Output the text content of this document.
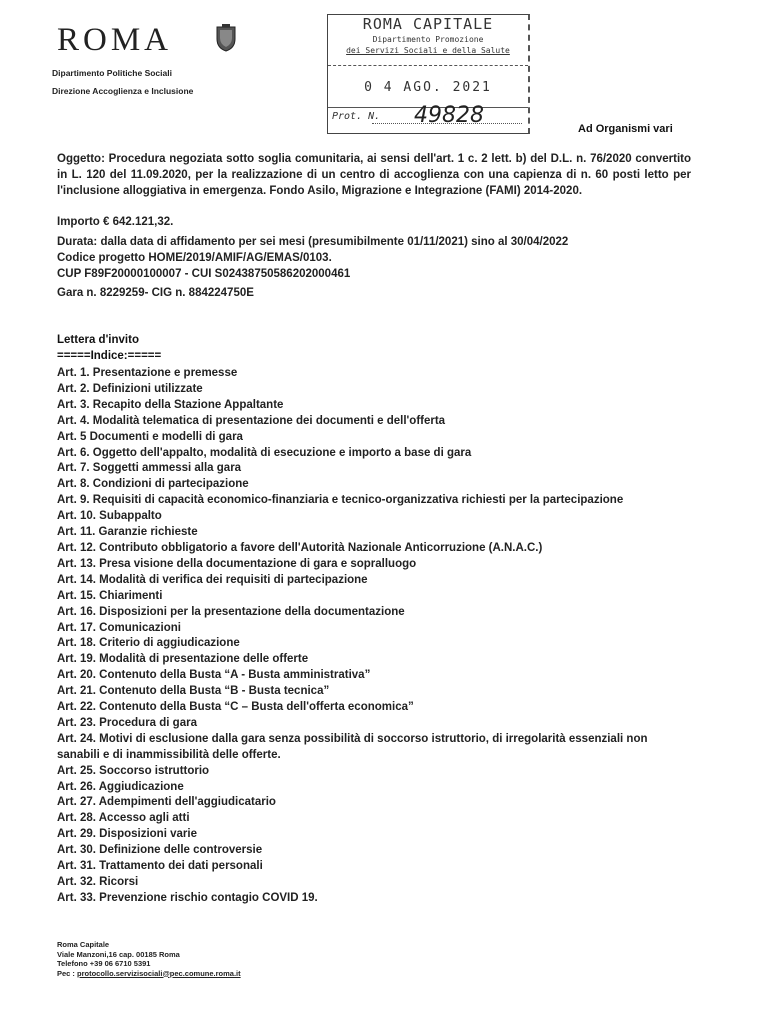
ROMA
Dipartimento Politiche Sociali
Direzione Accoglienza e Inclusione
ROMA CAPITALE
Dipartimento Promozione
dei Servizi Sociali e della Salute
0 4 AGO. 2021
Prot. N. 49828
Ad Organismi vari
Oggetto: Procedura negoziata sotto soglia comunitaria, ai sensi dell'art. 1 c. 2 lett. b) del D.L. n. 76/2020 convertito in L. 120 del 11.09.2020, per la realizzazione di un centro di accoglienza con una capienza di n. 60 posti letto per l'inclusione alloggiativa in emergenza. Fondo Asilo, Migrazione e Integrazione (FAMI) 2014-2020.
Importo € 642.121,32.
Durata: dalla data di affidamento per sei mesi (presumibilmente 01/11/2021) sino al 30/04/2022
Codice progetto HOME/2019/AMIF/AG/EMAS/0103.
CUP F89F20000100007 - CUI S02438750586202000461
Gara n. 8229259- CIG n. 884224750E
Lettera d'invito
=====Indice:=====
Art. 1. Presentazione e premesse
Art. 2. Definizioni utilizzate
Art. 3. Recapito della Stazione Appaltante
Art. 4. Modalità telematica di presentazione dei documenti e dell'offerta
Art. 5 Documenti e modelli di gara
Art. 6. Oggetto dell'appalto, modalità di esecuzione e importo a base di gara
Art. 7. Soggetti ammessi alla gara
Art. 8. Condizioni di partecipazione
Art. 9. Requisiti di capacità economico-finanziaria e tecnico-organizzativa richiesti per la partecipazione
Art. 10. Subappalto
Art. 11. Garanzie richieste
Art. 12. Contributo obbligatorio a favore dell'Autorità Nazionale Anticorruzione (A.N.A.C.)
Art. 13. Presa visione della documentazione di gara e sopralluogo
Art. 14. Modalità di verifica dei requisiti di partecipazione
Art. 15. Chiarimenti
Art. 16. Disposizioni per la presentazione della documentazione
Art. 17. Comunicazioni
Art. 18. Criterio di aggiudicazione
Art. 19. Modalità di presentazione delle offerte
Art. 20. Contenuto della Busta “A - Busta amministrativa”
Art. 21. Contenuto della Busta “B - Busta tecnica”
Art. 22. Contenuto della Busta “C – Busta dell'offerta economica”
Art. 23. Procedura di gara
Art. 24. Motivi di esclusione dalla gara senza possibilità di soccorso istruttorio, di irregolarità essenziali non sanabili e di inammissibilità delle offerte.
Art. 25. Soccorso istruttorio
Art. 26. Aggiudicazione
Art. 27. Adempimenti dell'aggiudicatario
Art. 28. Accesso agli atti
Art. 29. Disposizioni varie
Art. 30. Definizione delle controversie
Art. 31. Trattamento dei dati personali
Art. 32. Ricorsi
Art. 33. Prevenzione rischio contagio COVID 19.
Roma Capitale
Viale Manzoni,16 cap. 00185 Roma
Telefono +39 06 6710 5391
Pec : protocollo.servizisociali@pec.comune.roma.it
